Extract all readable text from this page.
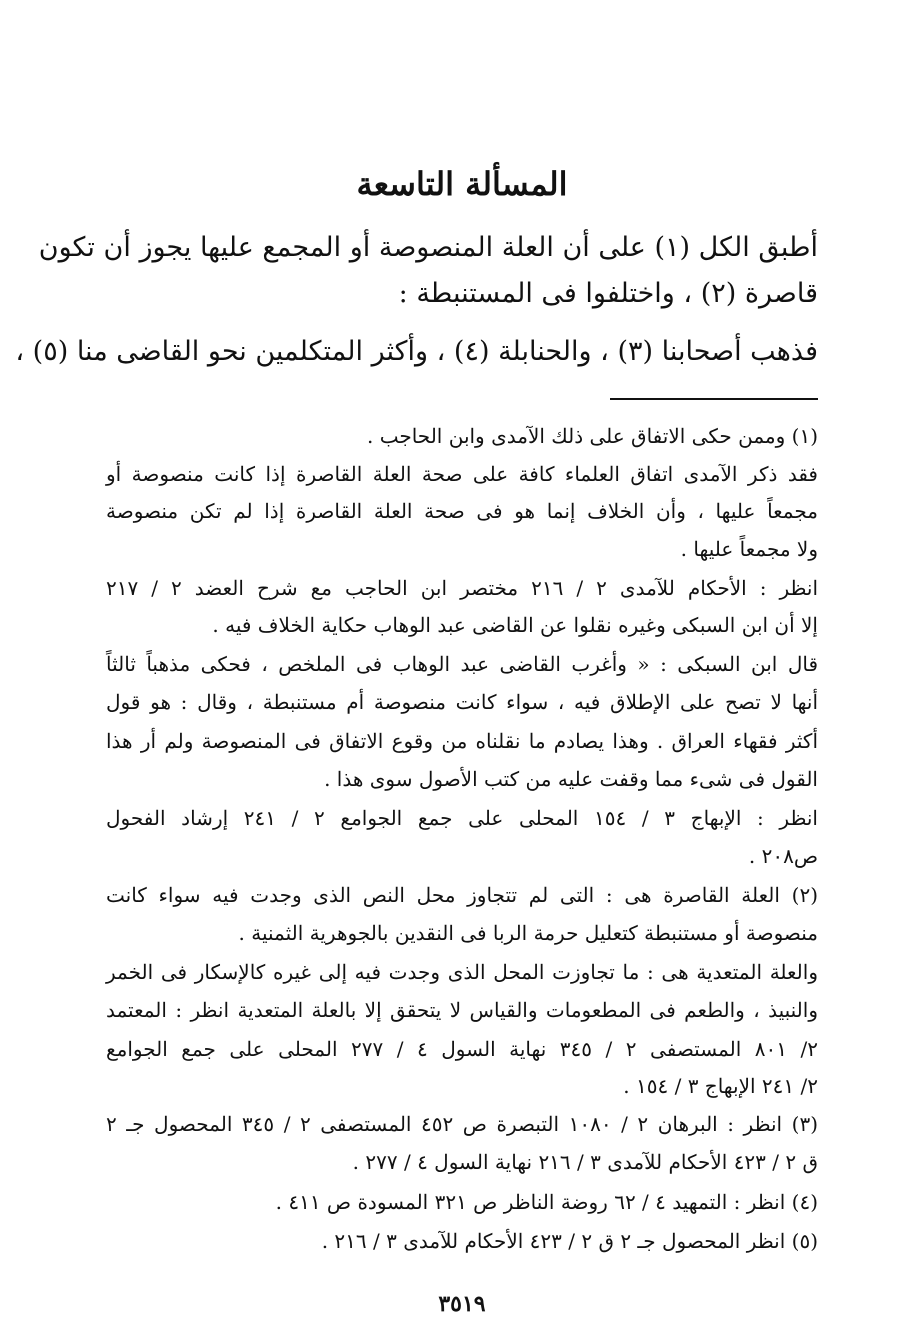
المسألة التاسعة
أطبق الكل (١) على أن العلة المنصوصة أو المجمع عليها يجوز أن تكون
قاصرة (٢) ، واختلفوا فى المستنبطة :
فذهب أصحابنا (٣) ، والحنابلة (٤) ، وأكثر المتكلمين نحو القاضى منا (٥) ،
(١) وممن حكى الاتفاق على ذلك الآمدى وابن الحاجب .
فقد ذكر الآمدى اتفاق العلماء كافة على صحة العلة القاصرة إذا كانت منصوصة أو
مجمعاً عليها ، وأن الخلاف إنما هو فى صحة العلة القاصرة إذا لم تكن منصوصة
ولا مجمعاً عليها .
انظر : الأحكام للآمدى ٢ / ٢١٦ مختصر ابن الحاجب مع شرح العضد ٢ / ٢١٧
إلا أن ابن السبكى وغيره نقلوا عن القاضى عبد الوهاب حكاية الخلاف فيه .
قال ابن السبكى : « وأغرب القاضى عبد الوهاب فى الملخص ، فحكى مذهباً ثالثاً
أنها لا تصح على الإطلاق فيه ، سواء كانت منصوصة أم مستنبطة ، وقال : هو قول
أكثر فقهاء العراق . وهذا يصادم ما نقلناه من وقوع الاتفاق فى المنصوصة ولم أر هذا
القول فى شىء مما وقفت عليه من كتب الأصول سوى هذا .
انظر : الإبهاج ٣ / ١٥٤ المحلى على جمع الجوامع ٢ / ٢٤١ إرشاد الفحول
ص٢٠٨ .
(٢) العلة القاصرة هى : التى لم تتجاوز محل النص الذى وجدت فيه سواء كانت
منصوصة أو مستنبطة كتعليل حرمة الربا فى النقدين بالجوهرية الثمنية .
والعلة المتعدية هى : ما تجاوزت المحل الذى وجدت فيه إلى غيره كالإسكار فى الخمر
والنبيذ ، والطعم فى المطعومات والقياس لا يتحقق إلا بالعلة المتعدية انظر : المعتمد
٢/ ٨٠١ المستصفى ٢ / ٣٤٥ نهاية السول ٤ / ٢٧٧ المحلى على جمع الجوامع
٢/ ٢٤١ الإبهاج ٣ / ١٥٤ .
(٣) انظر : البرهان ٢ / ١٠٨٠ التبصرة ص ٤٥٢ المستصفى ٢ / ٣٤٥ المحصول جـ ٢
ق ٢ / ٤٢٣ الأحكام للآمدى ٣ / ٢١٦ نهاية السول ٤ / ٢٧٧ .
(٤) انظر : التمهيد ٤ / ٦٢ روضة الناظر ص ٣٢١ المسودة ص ٤١١ .
(٥) انظر المحصول جـ ٢ ق ٢ / ٤٢٣ الأحكام للآمدى ٣ / ٢١٦ .
٣٥١٩
